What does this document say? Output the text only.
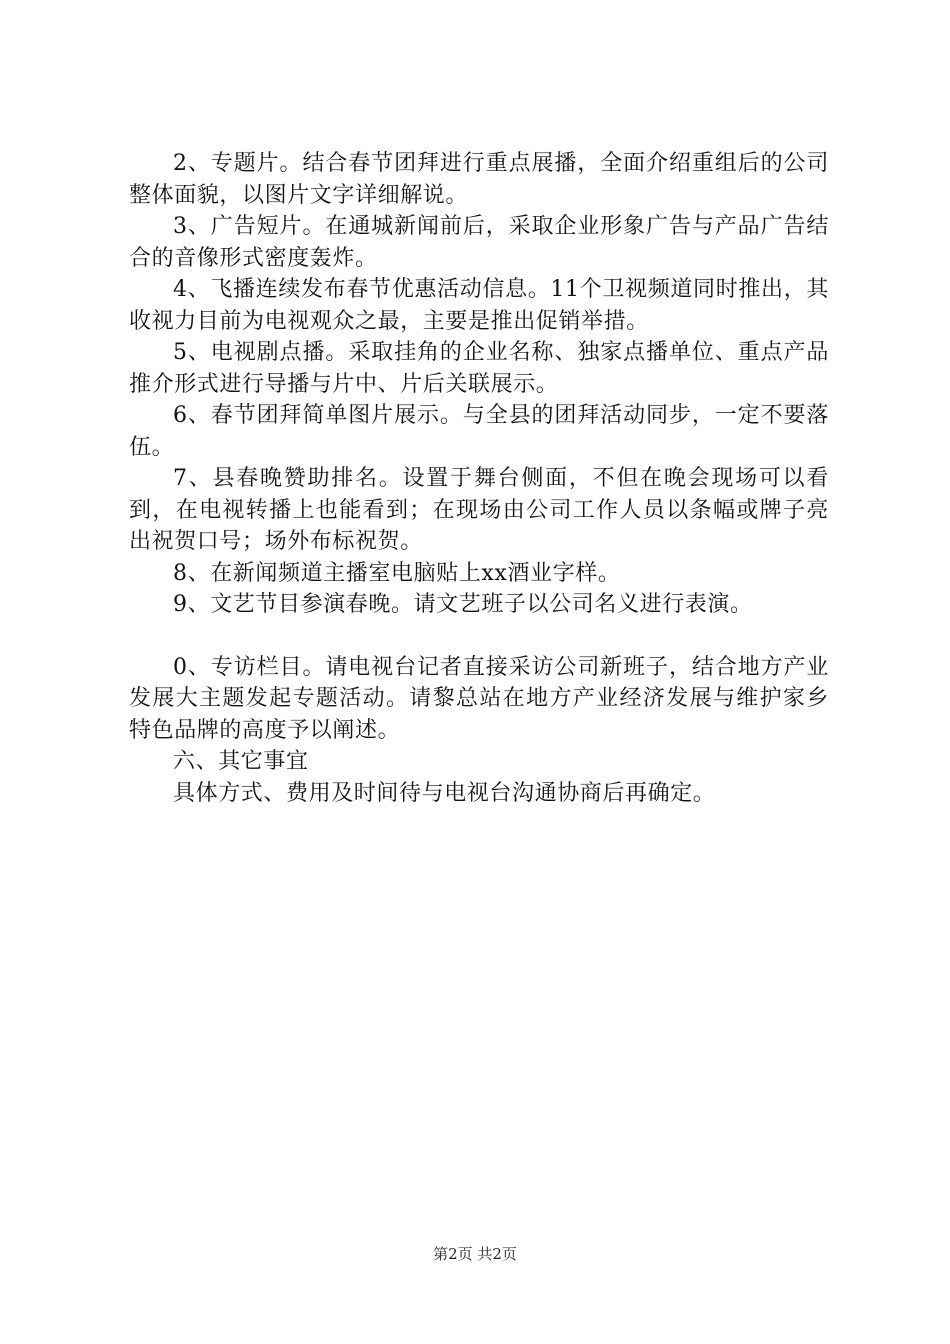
2、专题片。结合春节团拜进行重点展播，全面介绍重组后的公司整体面貌，以图片文字详细解说。

3、广告短片。在通城新闻前后，采取企业形象广告与产品广告结合的音像形式密度轰炸。

4、飞播连续发布春节优惠活动信息。11个卫视频道同时推出，其收视力目前为电视观众之最，主要是推出促销举措。

5、电视剧点播。采取挂角的企业名称、独家点播单位、重点产品推介形式进行导播与片中、片后关联展示。

6、春节团拜简单图片展示。与全县的团拜活动同步，一定不要落伍。

7、县春晚赞助排名。设置于舞台侧面，不但在晚会现场可以看到，在电视转播上也能看到；在现场由公司工作人员以条幅或牌子亮出祝贺口号；场外布标祝贺。

8、在新闻频道主播室电脑贴上xx酒业字样。

9、文艺节目参演春晚。请文艺班子以公司名义进行表演。

0、专访栏目。请电视台记者直接采访公司新班子，结合地方产业发展大主题发起专题活动。请黎总站在地方产业经济发展与维护家乡特色品牌的高度予以阐述。

六、其它事宜

具体方式、费用及时间待与电视台沟通协商后再确定。

第2页 共2页
